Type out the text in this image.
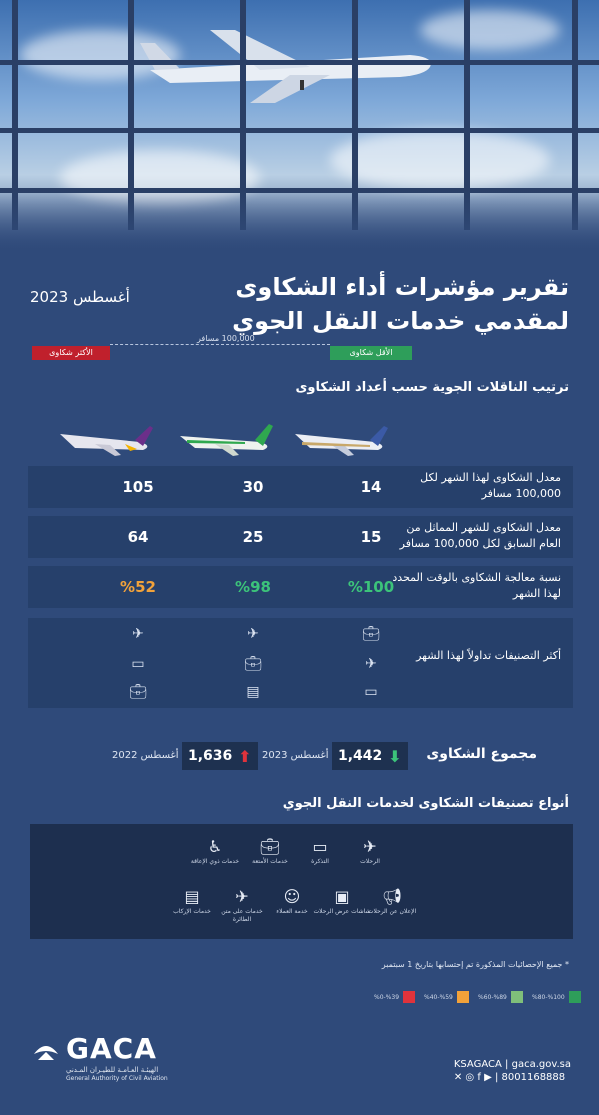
تقرير مؤشرات أداء الشكاوى
لمقدمي خدمات النقل الجوي
أغسطس 2023
100,000 مسافر
الأكثر شكاوى	الأقل شكاوى
ترتيب الناقلات الجوية حسب أعداد الشكاوى
معدل الشكاوى لهذا الشهر لكل 100,000 مسافر
14
30
105
معدل الشكاوى للشهر المماثل من العام السابق لكل 100,000 مسافر
15
25
64
نسبة معالجة الشكاوى بالوقت المحدد لهذا الشهر
%100
%98
%52
أكثر التصنيفات تداولاً لهذا الشهر
💼︎
✈
▭
✈
💼︎
▤
✈
▭
💼︎
مجموع الشكاوى
1,442 ⬇
أغسطس 2023
1,636 ⬆
أغسطس 2022
أنواع تصنيفات الشكاوى لخدمات النقل الجوي
✈
الرحلات
▭
التذكرة
💼︎
خدمات الأمتعة
♿
خدمات ذوي الإعاقة
📢︎
الإعلان عن الرحلات
▣
شاشات عرض الرحلات
☺
خدمة العملاء
✈
خدمات على متن الطائرة
▤
خدمات الإركاب
* جميع الإحصائيات المذكورة تم إحتسابها بتاريخ 1 سبتمبر
%80-%100
%60-%89
%40-%59
%0-%39
GACA
الهيئـة العـامـة للطيـران المـدني
General Authority of Civil Aviation
KSAGACA | gaca.gov.sa
✕ ◎ f ▶ | 8001168888
